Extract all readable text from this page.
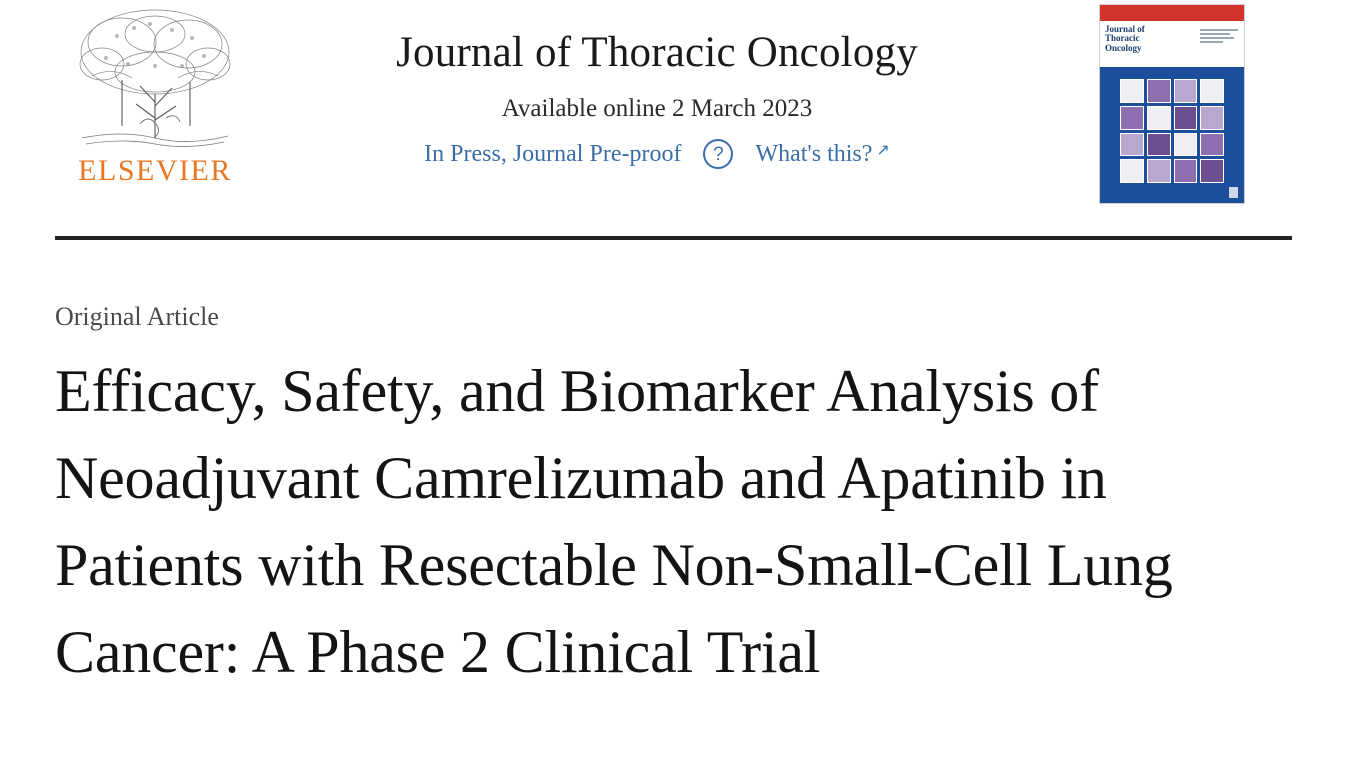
ELSEVIER
Journal of Thoracic Oncology
Available online 2 March 2023
In Press, Journal Pre-proof	?	What's this? ↗
Journal of
Thoracic
Oncology
Original Article
Efficacy, Safety, and Biomarker Analysis of Neoadjuvant Camrelizumab and Apatinib in Patients with Resectable Non-Small-Cell Lung Cancer: A Phase 2 Clinical Trial
